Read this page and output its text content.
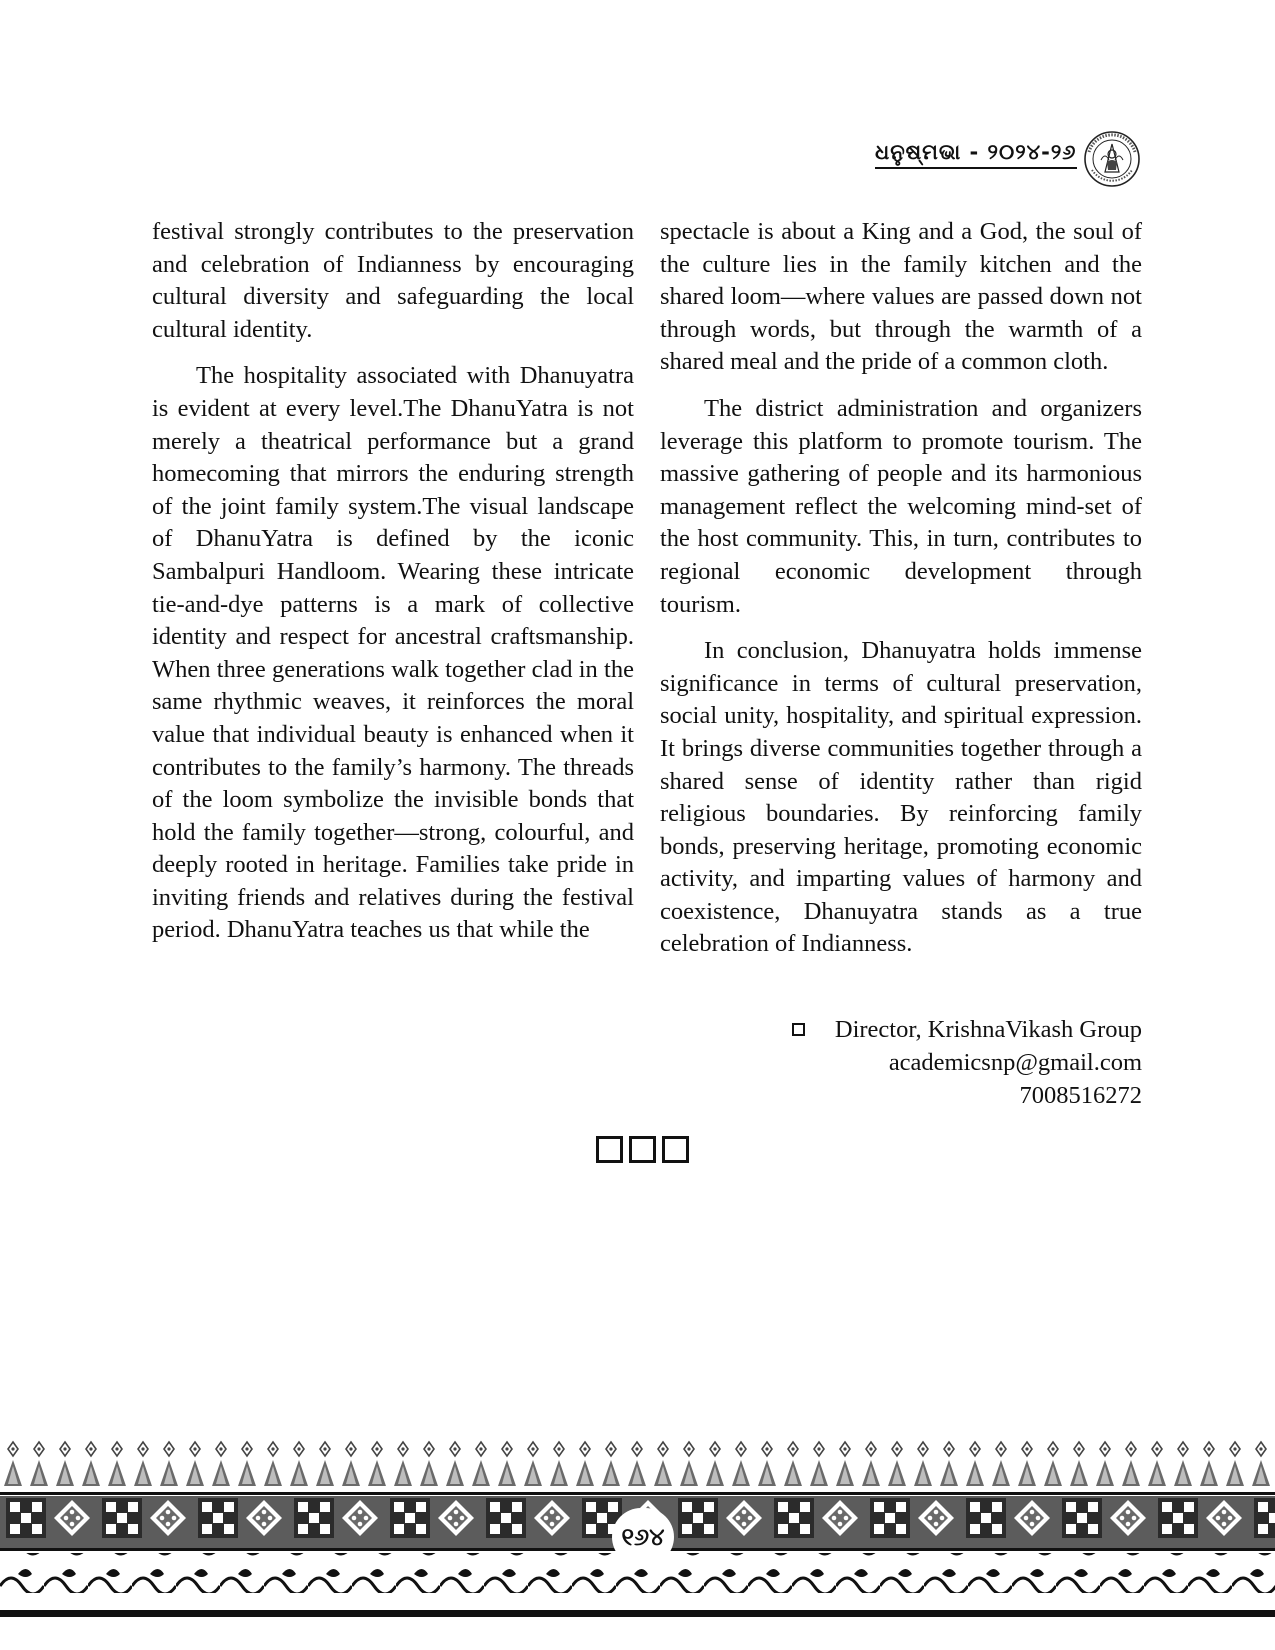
ଧନୁଷ୍ମଭା - ୨୦୨୪-୨୬

festival strongly contributes to the preservation and celebration of Indianness by encouraging cultural diversity and safeguarding the local cultural identity.

The hospitality associated with Dhanuyatra is evident at every level.The DhanuYatra is not merely a theatrical performance but a grand homecoming that mirrors the enduring strength of the joint family system.The visual landscape of DhanuYatra is defined by the iconic Sambalpuri Handloom. Wearing these intricate tie-and-dye patterns is a mark of collective identity and respect for ancestral craftsmanship. When three generations walk together clad in the same rhythmic weaves, it reinforces the moral value that individual beauty is enhanced when it contributes to the family’s harmony. The threads of the loom symbolize the invisible bonds that hold the family together—strong, colourful, and deeply rooted in heritage. Families take pride in inviting friends and relatives during the festival period. DhanuYatra teaches us that while the

spectacle is about a King and a God, the soul of the culture lies in the family kitchen and the shared loom—where values are passed down not through words, but through the warmth of a shared meal and the pride of a common cloth.

The district administration and organizers leverage this platform to promote tourism. The massive gathering of people and its harmonious management reflect the welcoming mind-set of the host community. This, in turn, contributes to regional economic development through tourism.

In conclusion, Dhanuyatra holds immense significance in terms of cultural preservation, social unity, hospitality, and spiritual expression. It brings diverse communities together through a shared sense of identity rather than rigid religious boundaries. By reinforcing family bonds, preserving heritage, promoting economic activity, and imparting values of harmony and coexistence, Dhanuyatra stands as a true celebration of Indianness.

Director, KrishnaVikash Group
academicsnp@gmail.com
7008516272
୧୬୪
